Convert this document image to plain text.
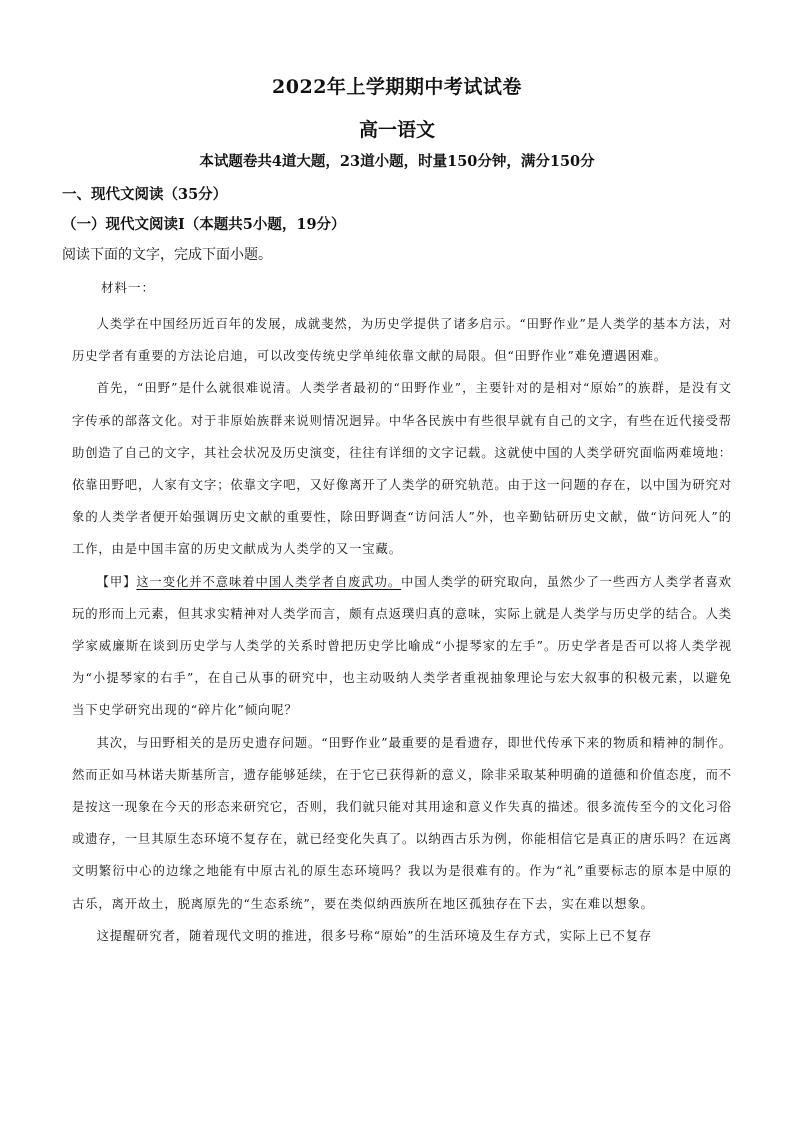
2022年上学期期中考试试卷
高一语文
本试题卷共4道大题，23道小题，时量150分钟，满分150分
一、现代文阅读（35分）
（一）现代文阅读Ⅰ（本题共5小题，19分）
阅读下面的文字，完成下面小题。
材料一：

人类学在中国经历近百年的发展，成就斐然，为历史学提供了诸多启示。“田野作业”是人类学的基本方法，对历史学者有重要的方法论启迪，可以改变传统史学单纯依靠文献的局限。但“田野作业”难免遭遇困难。

首先，“田野”是什么就很难说清。人类学者最初的“田野作业”，主要针对的是相对“原始”的族群，是没有文字传承的部落文化。对于非原始族群来说则情况迥异。中华各民族中有些很早就有自己的文字，有些在近代接受帮助创造了自己的文字，其社会状况及历史演变，往往有详细的文字记载。这就使中国的人类学研究面临两难境地：依靠田野吧，人家有文字；依靠文字吧，又好像离开了人类学的研究轨范。由于这一问题的存在，以中国为研究对象的人类学者便开始强调历史文献的重要性，除田野调查“访问活人”外，也辛勤钻研历史文献，做“访问死人”的工作，由是中国丰富的历史文献成为人类学的又一宝藏。

【甲】这一变化并不意味着中国人类学者自废武功。中国人类学的研究取向，虽然少了一些西方人类学者喜欢玩的形而上元素，但其求实精神对人类学而言，颇有点返璞归真的意味，实际上就是人类学与历史学的结合。人类学家威廉斯在谈到历史学与人类学的关系时曾把历史学比喻成“小提琴家的左手”。历史学者是否可以将人类学视为“小提琴家的右手”，在自己从事的研究中，也主动吸纳人类学者重视抽象理论与宏大叙事的积极元素，以避免当下史学研究出现的“碎片化”倾向呢？

其次，与田野相关的是历史遗存问题。“田野作业”最重要的是看遗存，即世代传承下来的物质和精神的制作。然而正如马林诺夫斯基所言，遗存能够延续，在于它已获得新的意义，除非采取某种明确的道德和价值态度，而不是按这一现象在今天的形态来研究它，否则，我们就只能对其用途和意义作失真的描述。很多流传至今的文化习俗或遗存，一旦其原生态环境不复存在，就已经变化失真了。以纳西古乐为例，你能相信它是真正的唐乐吗？在远离文明繁衍中心的边缘之地能有中原古礼的原生态环境吗？我以为是很难有的。作为“礼”重要标志的原本是中原的古乐，离开故土，脱离原先的“生态系统”，要在类似纳西族所在地区孤独存在下去，实在难以想象。

这提醒研究者，随着现代文明的推进，很多号称“原始”的生活环境及生存方式，实际上已不复存
